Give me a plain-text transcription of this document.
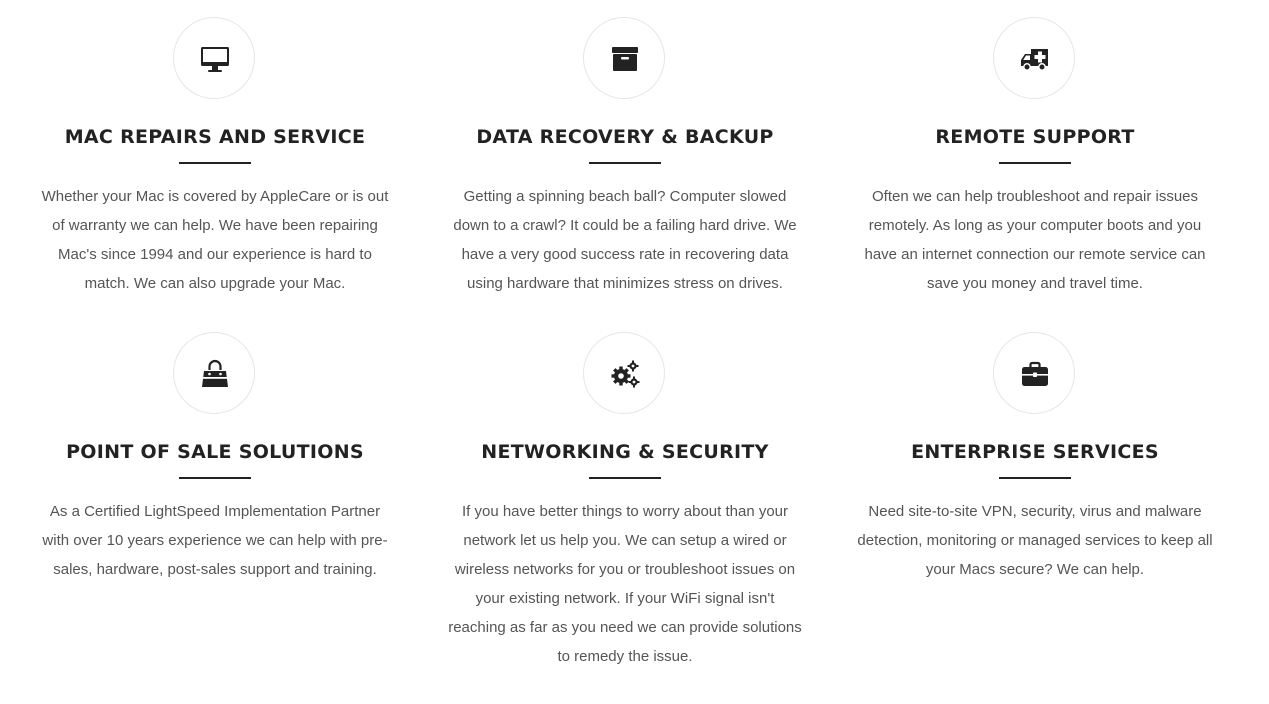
MAC REPAIRS AND SERVICE

Whether your Mac is covered by AppleCare or is out of warranty we can help. We have been repairing Mac's since 1994 and our experience is hard to match. We can also upgrade your Mac.

DATA RECOVERY & BACKUP

Getting a spinning beach ball? Computer slowed down to a crawl? It could be a failing hard drive. We have a very good success rate in recovering data using hardware that minimizes stress on drives.

REMOTE SUPPORT

Often we can help troubleshoot and repair issues remotely. As long as your computer boots and you have an internet connection our remote service can save you money and travel time.

POINT OF SALE SOLUTIONS

As a Certified LightSpeed Implementation Partner with over 10 years experience we can help with pre-sales, hardware, post-sales support and training.

NETWORKING & SECURITY

If you have better things to worry about than your network let us help you. We can setup a wired or wireless networks for you or troubleshoot issues on your existing network. If your WiFi signal isn't reaching as far as you need we can provide solutions to remedy the issue.

ENTERPRISE SERVICES

Need site-to-site VPN, security, virus and malware detection, monitoring or managed services to keep all your Macs secure? We can help.
